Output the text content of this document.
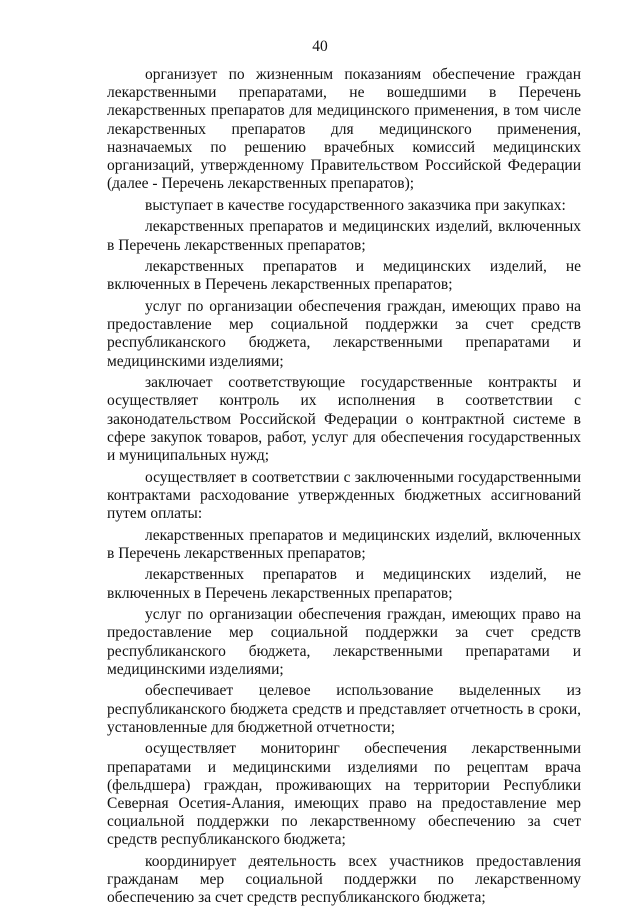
40

организует по жизненным показаниям обеспечение граждан лекарственными препаратами, не вошедшими в Перечень лекарственных препаратов для медицинского применения, в том числе лекарственных препаратов для медицинского применения, назначаемых по решению врачебных комиссий медицинских организаций, утвержденному Правительством Российской Федерации (далее - Перечень лекарственных препаратов);

выступает в качестве государственного заказчика при закупках:

лекарственных препаратов и медицинских изделий, включенных в Перечень лекарственных препаратов;

лекарственных препаратов и медицинских изделий, не включенных в Перечень лекарственных препаратов;

услуг по организации обеспечения граждан, имеющих право на предоставление мер социальной поддержки за счет средств республиканского бюджета, лекарственными препаратами и медицинскими изделиями;

заключает соответствующие государственные контракты и осуществляет контроль их исполнения в соответствии с законодательством Российской Федерации о контрактной системе в сфере закупок товаров, работ, услуг для обеспечения государственных и муниципальных нужд;

осуществляет в соответствии с заключенными государственными контрактами расходование утвержденных бюджетных ассигнований путем оплаты:

лекарственных препаратов и медицинских изделий, включенных в Перечень лекарственных препаратов;

лекарственных препаратов и медицинских изделий, не включенных в Перечень лекарственных препаратов;

услуг по организации обеспечения граждан, имеющих право на предоставление мер социальной поддержки за счет средств республиканского бюджета, лекарственными препаратами и медицинскими изделиями;

обеспечивает целевое использование выделенных из республиканского бюджета средств и представляет отчетность в сроки, установленные для бюджетной отчетности;

осуществляет мониторинг обеспечения лекарственными препаратами и медицинскими изделиями по рецептам врача (фельдшера) граждан, проживающих на территории Республики Северная Осетия-Алания, имеющих право на предоставление мер социальной поддержки по лекарственному обеспечению за счет средств республиканского бюджета;

координирует деятельность всех участников предоставления гражданам мер социальной поддержки по лекарственному обеспечению за счет средств республиканского бюджета;
